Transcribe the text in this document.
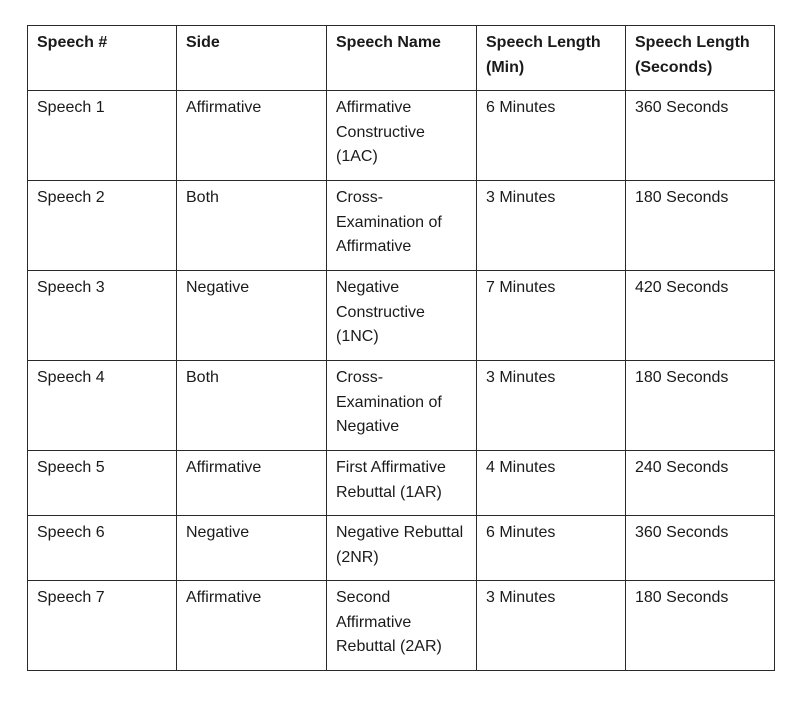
Speech #	Side	Speech Name	Speech Length (Min)	Speech Length (Seconds)
Speech 1	Affirmative	Affirmative Constructive (1AC)	6 Minutes	360 Seconds
Speech 2	Both	Cross-Examination of Affirmative	3 Minutes	180 Seconds
Speech 3	Negative	Negative Constructive (1NC)	7 Minutes	420 Seconds
Speech 4	Both	Cross-Examination of Negative	3 Minutes	180 Seconds
Speech 5	Affirmative	First Affirmative Rebuttal (1AR)	4 Minutes	240 Seconds
Speech 6	Negative	Negative Rebuttal (2NR)	6 Minutes	360 Seconds
Speech 7	Affirmative	Second Affirmative Rebuttal (2AR)	3 Minutes	180 Seconds
